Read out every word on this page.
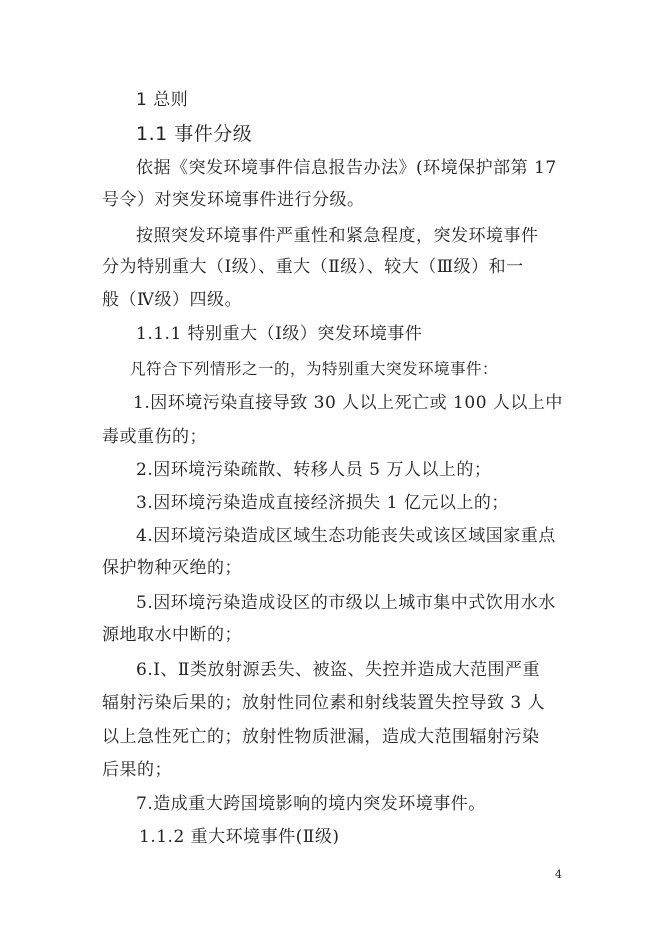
1 总则
1.1 事件分级
依据《突发环境事件信息报告办法》(环境保护部第 17
号令）对突发环境事件进行分级。
按照突发环境事件严重性和紧急程度，突发环境事件
分为特别重大（Ⅰ级）、重大（Ⅱ级）、较大（Ⅲ级）和一
般（Ⅳ级）四级。
1.1.1 特别重大（Ⅰ级）突发环境事件
凡符合下列情形之一的，为特别重大突发环境事件：
1.因环境污染直接导致 30 人以上死亡或 100 人以上中
毒或重伤的；
2.因环境污染疏散、转移人员 5 万人以上的；
3.因环境污染造成直接经济损失 1 亿元以上的；
4.因环境污染造成区域生态功能丧失或该区域国家重点
保护物种灭绝的；
5.因环境污染造成设区的市级以上城市集中式饮用水水
源地取水中断的；
6.Ⅰ、Ⅱ类放射源丢失、被盗、失控并造成大范围严重
辐射污染后果的；放射性同位素和射线装置失控导致 3 人
以上急性死亡的；放射性物质泄漏，造成大范围辐射污染
后果的；
7.造成重大跨国境影响的境内突发环境事件。
1.1.2 重大环境事件(Ⅱ级)
4
